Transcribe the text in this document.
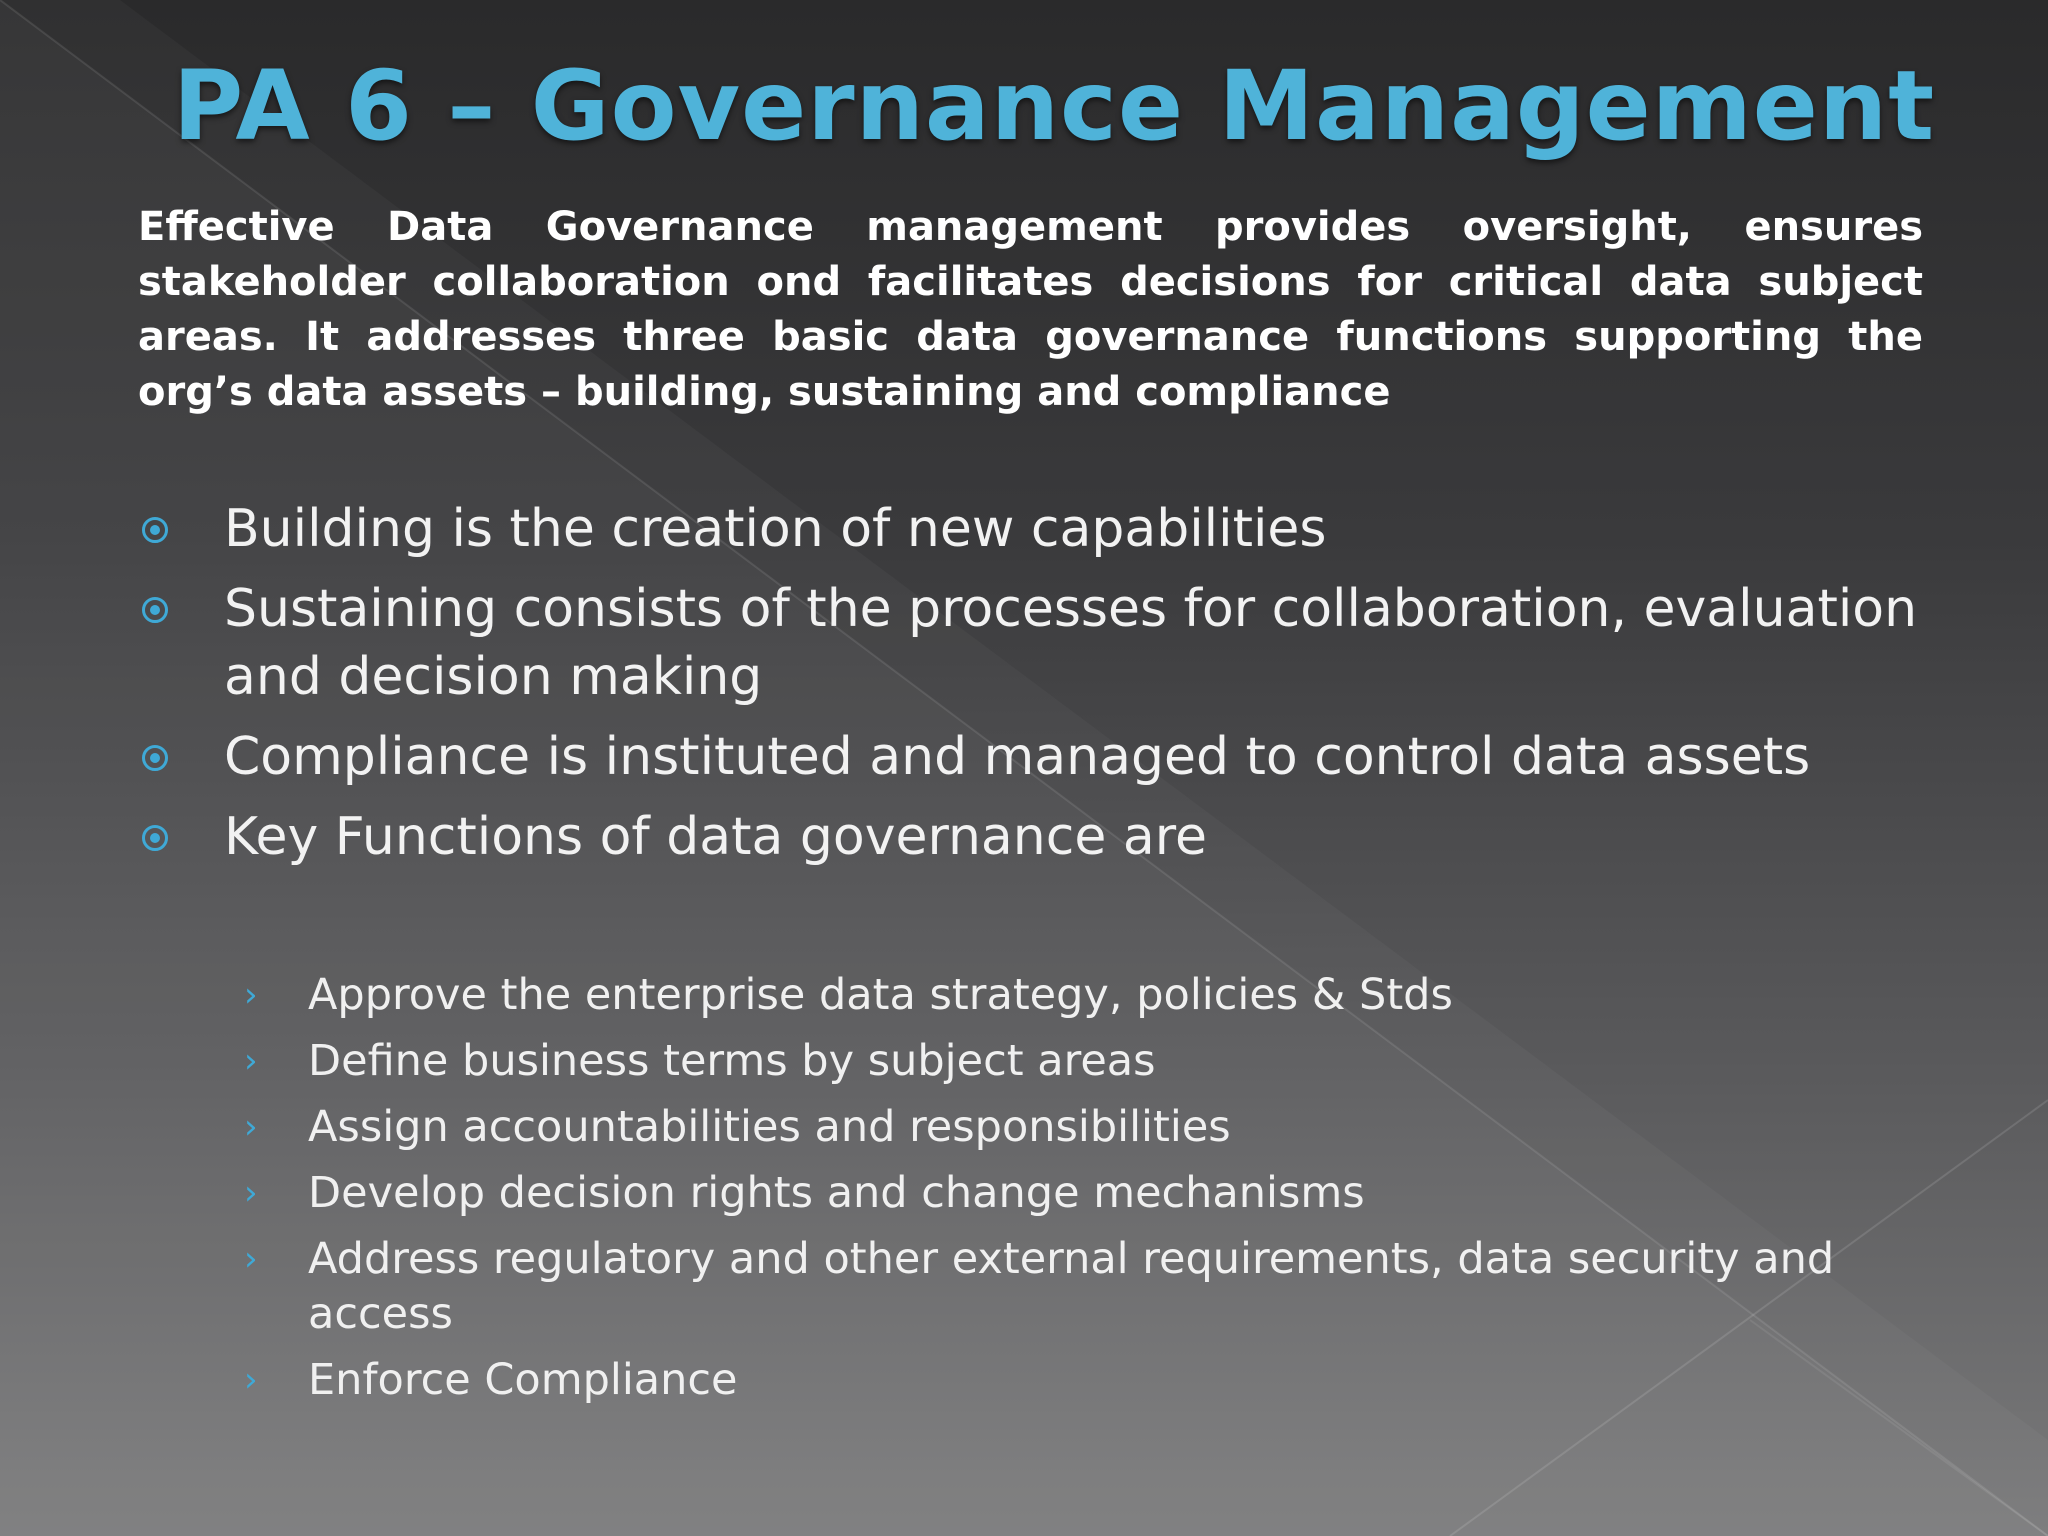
PA 6 – Governance Management
Effective Data Governance management provides oversight, ensures stakeholder collaboration ond facilitates decisions for critical data subject areas. It addresses three basic data governance functions supporting the org’s data assets – building, sustaining and compliance
Building is the creation of new capabilities
Sustaining consists of the processes for collaboration, evaluation and decision making
Compliance is instituted and managed to control data assets
Key Functions of data governance are
› Approve the enterprise data strategy, policies & Stds
› Define business terms by subject areas
› Assign accountabilities and responsibilities
› Develop decision rights and change mechanisms
› Address regulatory and other external requirements, data security and access
› Enforce Compliance
